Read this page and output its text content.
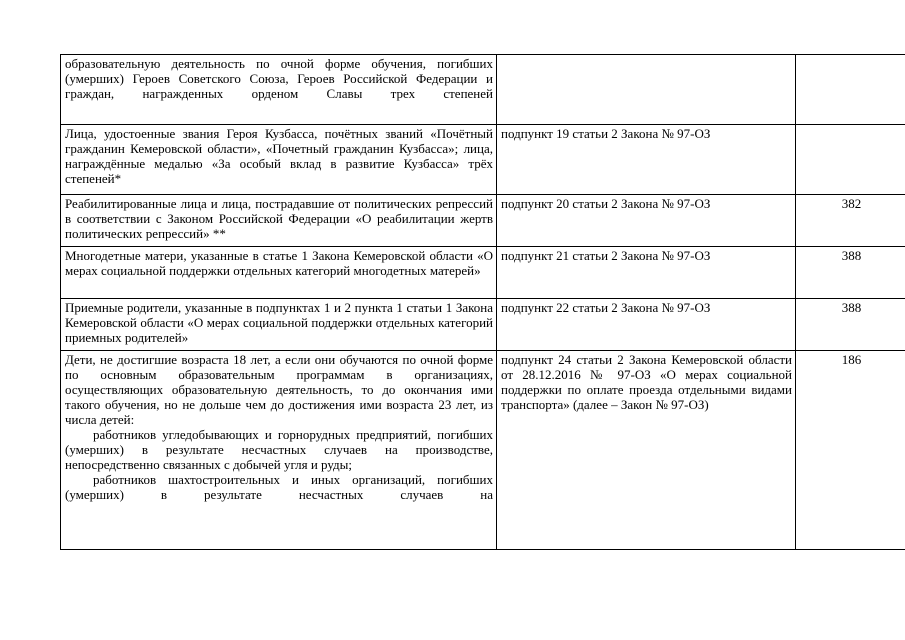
образовательную деятельность по очной форме обучения, погибших (умерших) Героев Советского Союза, Героев Российской Федерации и граждан, награжденных орденом Славы трех степеней		

Лица, удостоенные звания Героя Кузбасса, почётных званий «Почётный гражданин Кемеровской области», «Почетный гражданин Кузбасса»; лица, награждённые медалью «За особый вклад в развитие Кузбасса» трёх степеней*	подпункт 19 статьи 2 Закона № 97-ОЗ	

Реабилитированные лица и лица, пострадавшие от политических репрессий в соответствии с Законом Российской Федерации «О реабилитации жертв политических репрессий» **	подпункт 20 статьи 2 Закона № 97-ОЗ	382

Многодетные матери, указанные в статье 1 Закона Кемеровской области «О мерах социальной поддержки отдельных категорий многодетных матерей»	подпункт 21 статьи 2 Закона № 97-ОЗ	388

Приемные родители, указанные в подпунктах 1 и 2 пункта 1 статьи 1 Закона Кемеровской области «О мерах социальной поддержки отдельных категорий приемных родителей»	подпункт 22 статьи 2 Закона № 97-ОЗ	388

Дети, не достигшие возраста 18 лет, а если они обучаются по очной форме по основным образовательным программам в организациях, осуществляющих образовательную деятельность, то до окончания ими такого обучения, но не дольше чем до достижения ими возраста 23 лет, из числа детей:
работников угледобывающих и горнорудных предприятий, погибших (умерших) в результате несчастных случаев на производстве, непосредственно связанных с добычей угля и руды;
работников шахтостроительных и иных организаций, погибших (умерших) в результате несчастных случаев на	подпункт 24 статьи 2 Закона Кемеровской области от 28.12.2016 № 97-ОЗ «О мерах социальной поддержки по оплате проезда отдельными видами транспорта» (далее – Закон № 97-ОЗ)	186
